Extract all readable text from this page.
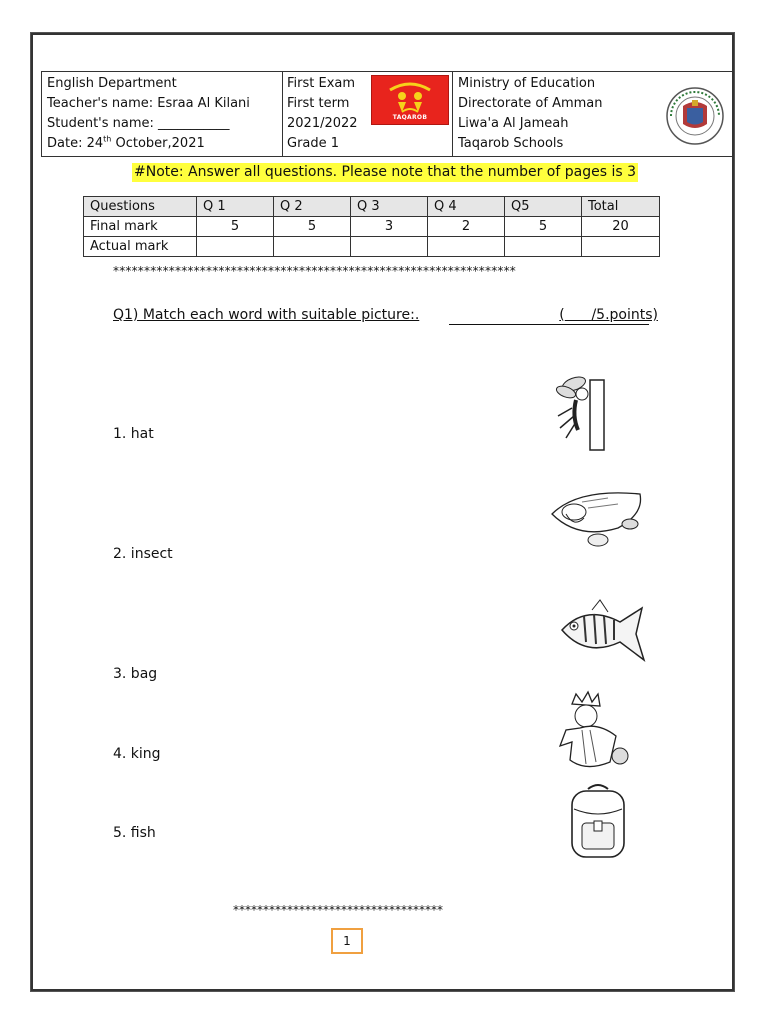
English Department
Teacher's name: Esraa Al Kilani
Student's name: ___________
Date: 24th October,2021
First Exam
First term
2021/2022
Grade 1
TAQAROB
Ministry of Education
Directorate of Amman
Liwa'a Al Jameah
Taqarob Schools
#Note: Answer all questions. Please note that the number of pages is 3
Questions	Q 1	Q 2	Q 3	Q 4	Q5	Total
Final mark	5	5	3	2	5	20
Actual mark						
*****************************************************************
Q1) Match each word with suitable picture:.	( /5.points)
1. hat
2. insect
3. bag
4. king
5. fish
***********************************
1
